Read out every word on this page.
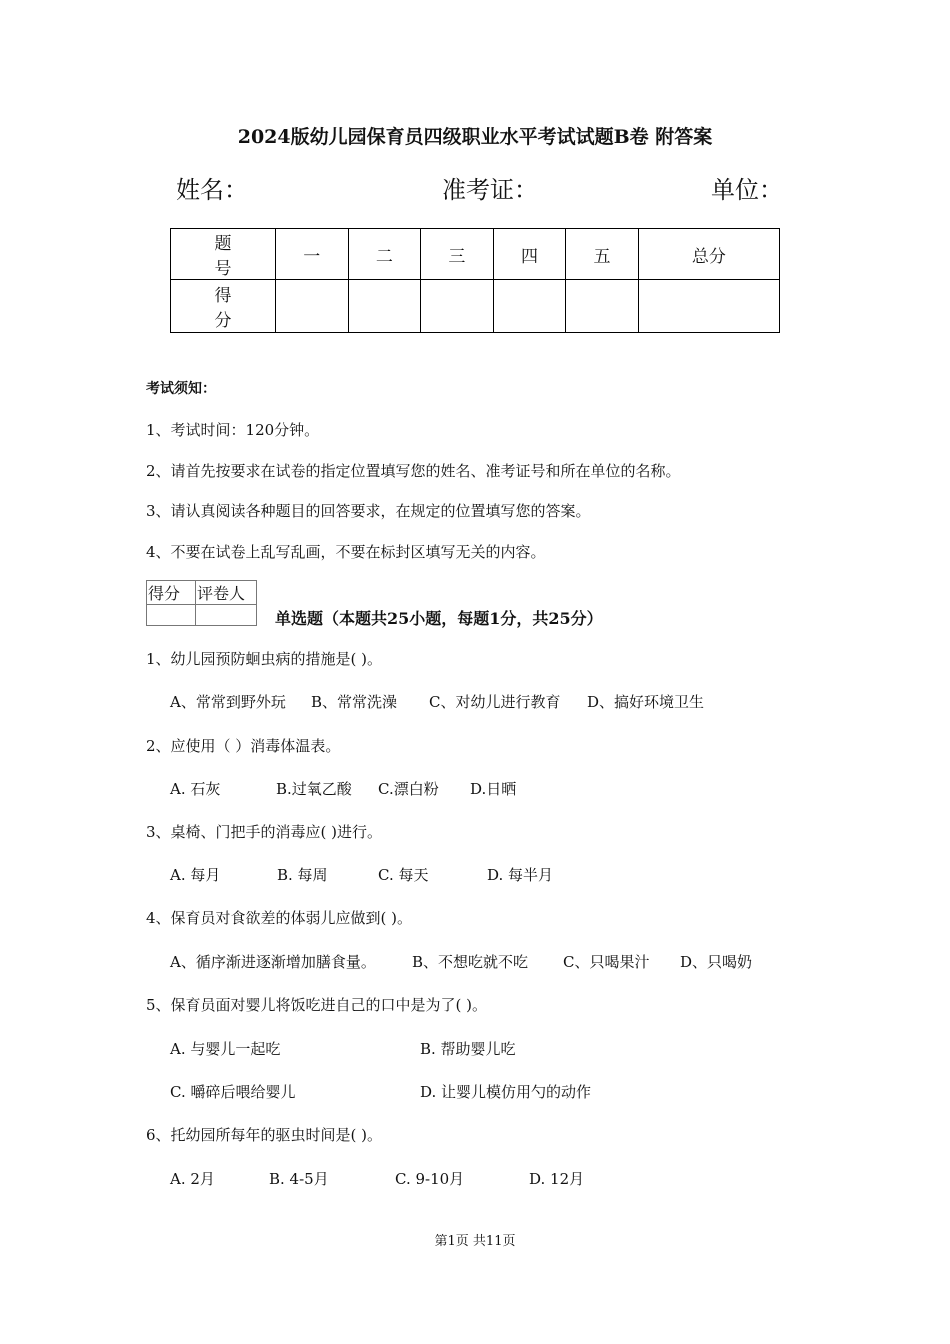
2024版幼儿园保育员四级职业水平考试试题B卷 附答案
姓名：	准考证：	单位：
题 号	一	二	三	四	五	总分
得 分						
考试须知：
1、考试时间：120分钟。
2、请首先按要求在试卷的指定位置填写您的姓名、准考证号和所在单位的名称。
3、请认真阅读各种题目的回答要求，在规定的位置填写您的答案。
4、不要在试卷上乱写乱画，不要在标封区填写无关的内容。
得分	评卷人

单选题（本题共25小题，每题1分，共25分）
1、幼儿园预防蛔虫病的措施是( )。
A、常常到野外玩 B、常常洗澡 C、对幼儿进行教育 D、搞好环境卫生
2、应使用（ ）消毒体温表。
A. 石灰	B.过氧乙酸 C.漂白粉 D.日晒
3、桌椅、门把手的消毒应( )进行。
A. 每月	B. 每周	C. 每天	D. 每半月
4、保育员对食欲差的体弱儿应做到( )。
A、循序渐进逐渐增加膳食量。 B、不想吃就不吃 C、只喝果汁 D、只喝奶
5、保育员面对婴儿将饭吃进自己的口中是为了( )。
A. 与婴儿一起吃	B. 帮助婴儿吃
C. 嚼碎后喂给婴儿	D. 让婴儿模仿用勺的动作
6、托幼园所每年的驱虫时间是( )。
A. 2月	B. 4-5月	C. 9-10月	D. 12月
第1页 共11页
